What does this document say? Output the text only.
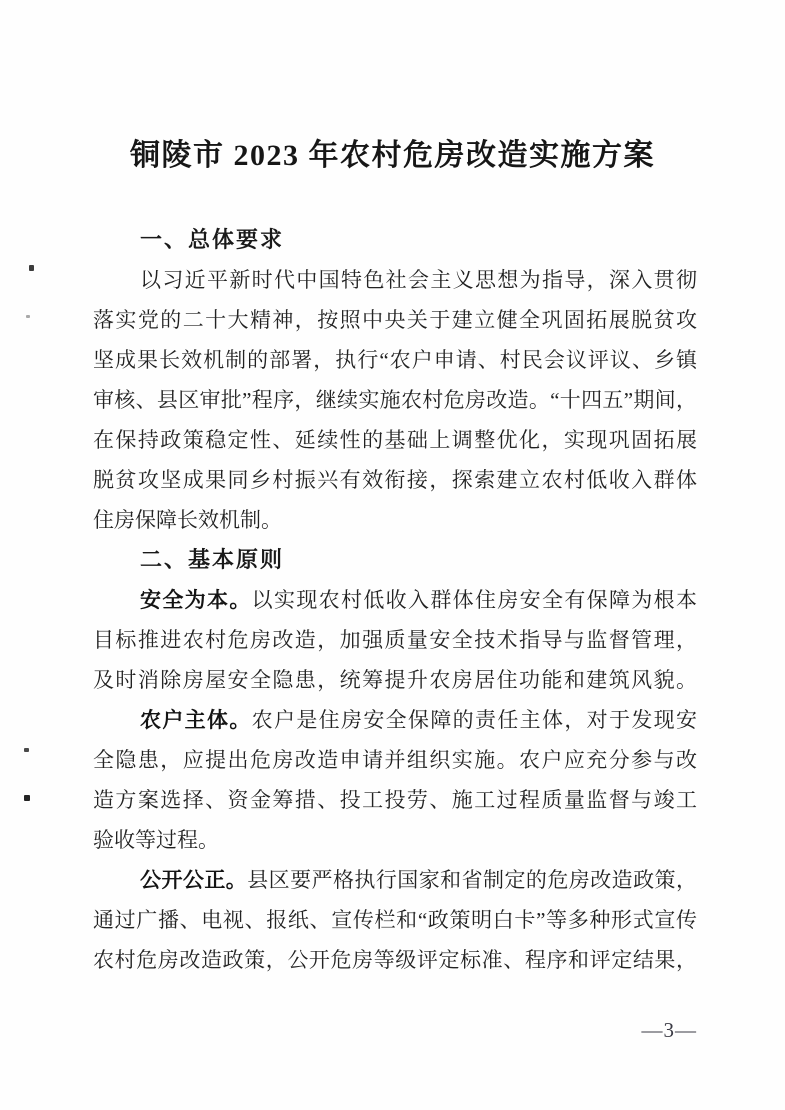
铜陵市 2023 年农村危房改造实施方案
一、总体要求
以习近平新时代中国特色社会主义思想为指导，深入贯彻
落实党的二十大精神，按照中央关于建立健全巩固拓展脱贫攻
坚成果长效机制的部署，执行“农户申请、村民会议评议、乡镇
审核、县区审批”程序，继续实施农村危房改造。“十四五”期间，
在保持政策稳定性、延续性的基础上调整优化，实现巩固拓展
脱贫攻坚成果同乡村振兴有效衔接，探索建立农村低收入群体
住房保障长效机制。
二、基本原则
安全为本。以实现农村低收入群体住房安全有保障为根本
目标推进农村危房改造，加强质量安全技术指导与监督管理，
及时消除房屋安全隐患，统筹提升农房居住功能和建筑风貌。
农户主体。农户是住房安全保障的责任主体，对于发现安
全隐患，应提出危房改造申请并组织实施。农户应充分参与改
造方案选择、资金筹措、投工投劳、施工过程质量监督与竣工
验收等过程。
公开公正。县区要严格执行国家和省制定的危房改造政策，
通过广播、电视、报纸、宣传栏和“政策明白卡”等多种形式宣传
农村危房改造政策，公开危房等级评定标准、程序和评定结果，
—3—
